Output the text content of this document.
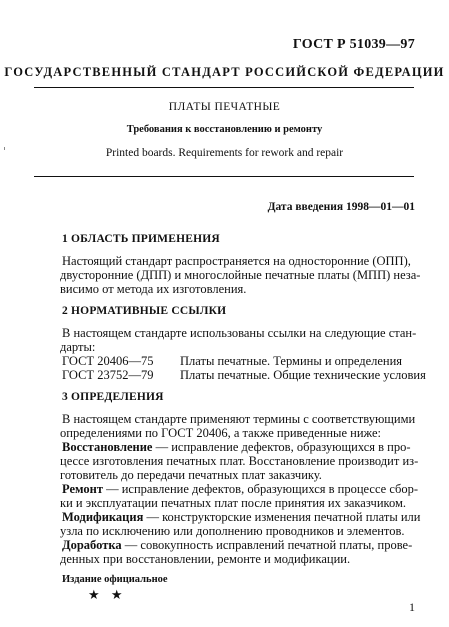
ГОСТ Р 51039—97
ГОСУДАРСТВЕННЫЙ СТАНДАРТ РОССИЙСКОЙ ФЕДЕРАЦИИ
ПЛАТЫ ПЕЧАТНЫЕ
Требования к восстановлению и ремонту
Printed boards. Requirements for rework and repair
Дата введения 1998—01—01
1 ОБЛАСТЬ ПРИМЕНЕНИЯ
Настоящий стандарт распространяется на односторонние (ОПП),
двусторонние (ДПП) и многослойные печатные платы (МПП) неза-
висимо от метода их изготовления.
2 НОРМАТИВНЫЕ ССЫЛКИ
В настоящем стандарте использованы ссылки на следующие стан-
дарты:
ГОСТ 20406—75 Платы печатные. Термины и определения
ГОСТ 23752—79 Платы печатные. Общие технические условия
3 ОПРЕДЕЛЕНИЯ
В настоящем стандарте применяют термины с соответствующими
определениями по ГОСТ 20406, а также приведенные ниже:
Восстановление — исправление дефектов, образующихся в про-
цессе изготовления печатных плат. Восстановление производит из-
готовитель до передачи печатных плат заказчику.
Ремонт — исправление дефектов, образующихся в процессе сбор-
ки и эксплуатации печатных плат после принятия их заказчиком.
Модификация — конструкторские изменения печатной платы или
узла по исключению или дополнению проводников и элементов.
Доработка — совокупность исправлений печатной платы, прове-
денных при восстановлении, ремонте и модификации.
Издание официальное
★ ★
1
